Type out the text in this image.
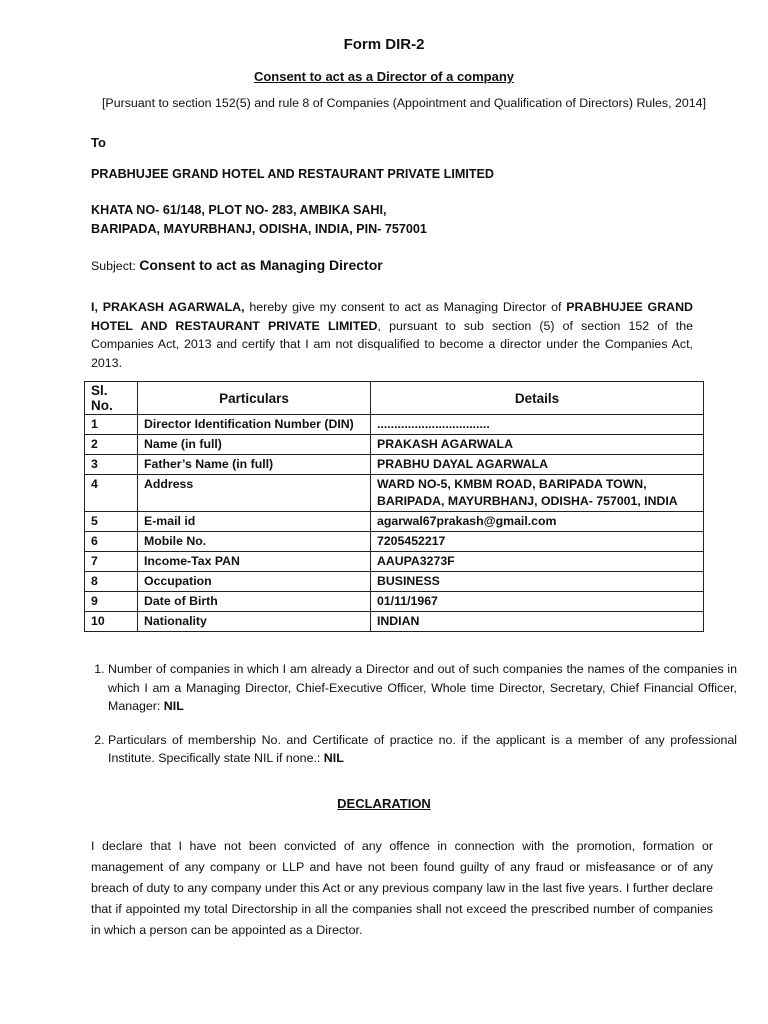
Form DIR-2
Consent to act as a Director of a company
[Pursuant to section 152(5) and rule 8 of Companies (Appointment and Qualification of Directors) Rules, 2014]
To
PRABHUJEE GRAND HOTEL AND RESTAURANT PRIVATE LIMITED
KHATA NO- 61/148, PLOT NO- 283, AMBIKA SAHI,
BARIPADA, MAYURBHANJ, ODISHA, INDIA, PIN- 757001
Subject: Consent to act as Managing Director
I, PRAKASH AGARWALA, hereby give my consent to act as Managing Director of PRABHUJEE GRAND HOTEL AND RESTAURANT PRIVATE LIMITED, pursuant to sub section (5) of section 152 of the Companies Act, 2013 and certify that I am not disqualified to become a director under the Companies Act, 2013.
Sl. No.	Particulars	Details
1	Director Identification Number (DIN)	.................................

2	Name (in full)	PRAKASH AGARWALA

3	Father’s Name (in full)	PRABHU DAYAL AGARWALA

4	Address	WARD NO-5, KMBM ROAD, BARIPADA TOWN,
BARIPADA, MAYURBHANJ, ODISHA- 757001, INDIA

5	E-mail id	agarwal67prakash@gmail.com

6	Mobile No.	7205452217

7	Income-Tax PAN	AAUPA3273F

8	Occupation	BUSINESS

9	Date of Birth	01/11/1967

10	Nationality	INDIAN
1. Number of companies in which I am already a Director and out of such companies the names of the companies in which I am a Managing Director, Chief-Executive Officer, Whole time Director, Secretary, Chief Financial Officer, Manager: NIL
2. Particulars of membership No. and Certificate of practice no. if the applicant is a member of any professional Institute. Specifically state NIL if none.: NIL
DECLARATION
I declare that I have not been convicted of any offence in connection with the promotion, formation or management of any company or LLP and have not been found guilty of any fraud or misfeasance or of any breach of duty to any company under this Act or any previous company law in the last five years. I further declare that if appointed my total Directorship in all the companies shall not exceed the prescribed number of companies in which a person can be appointed as a Director.
